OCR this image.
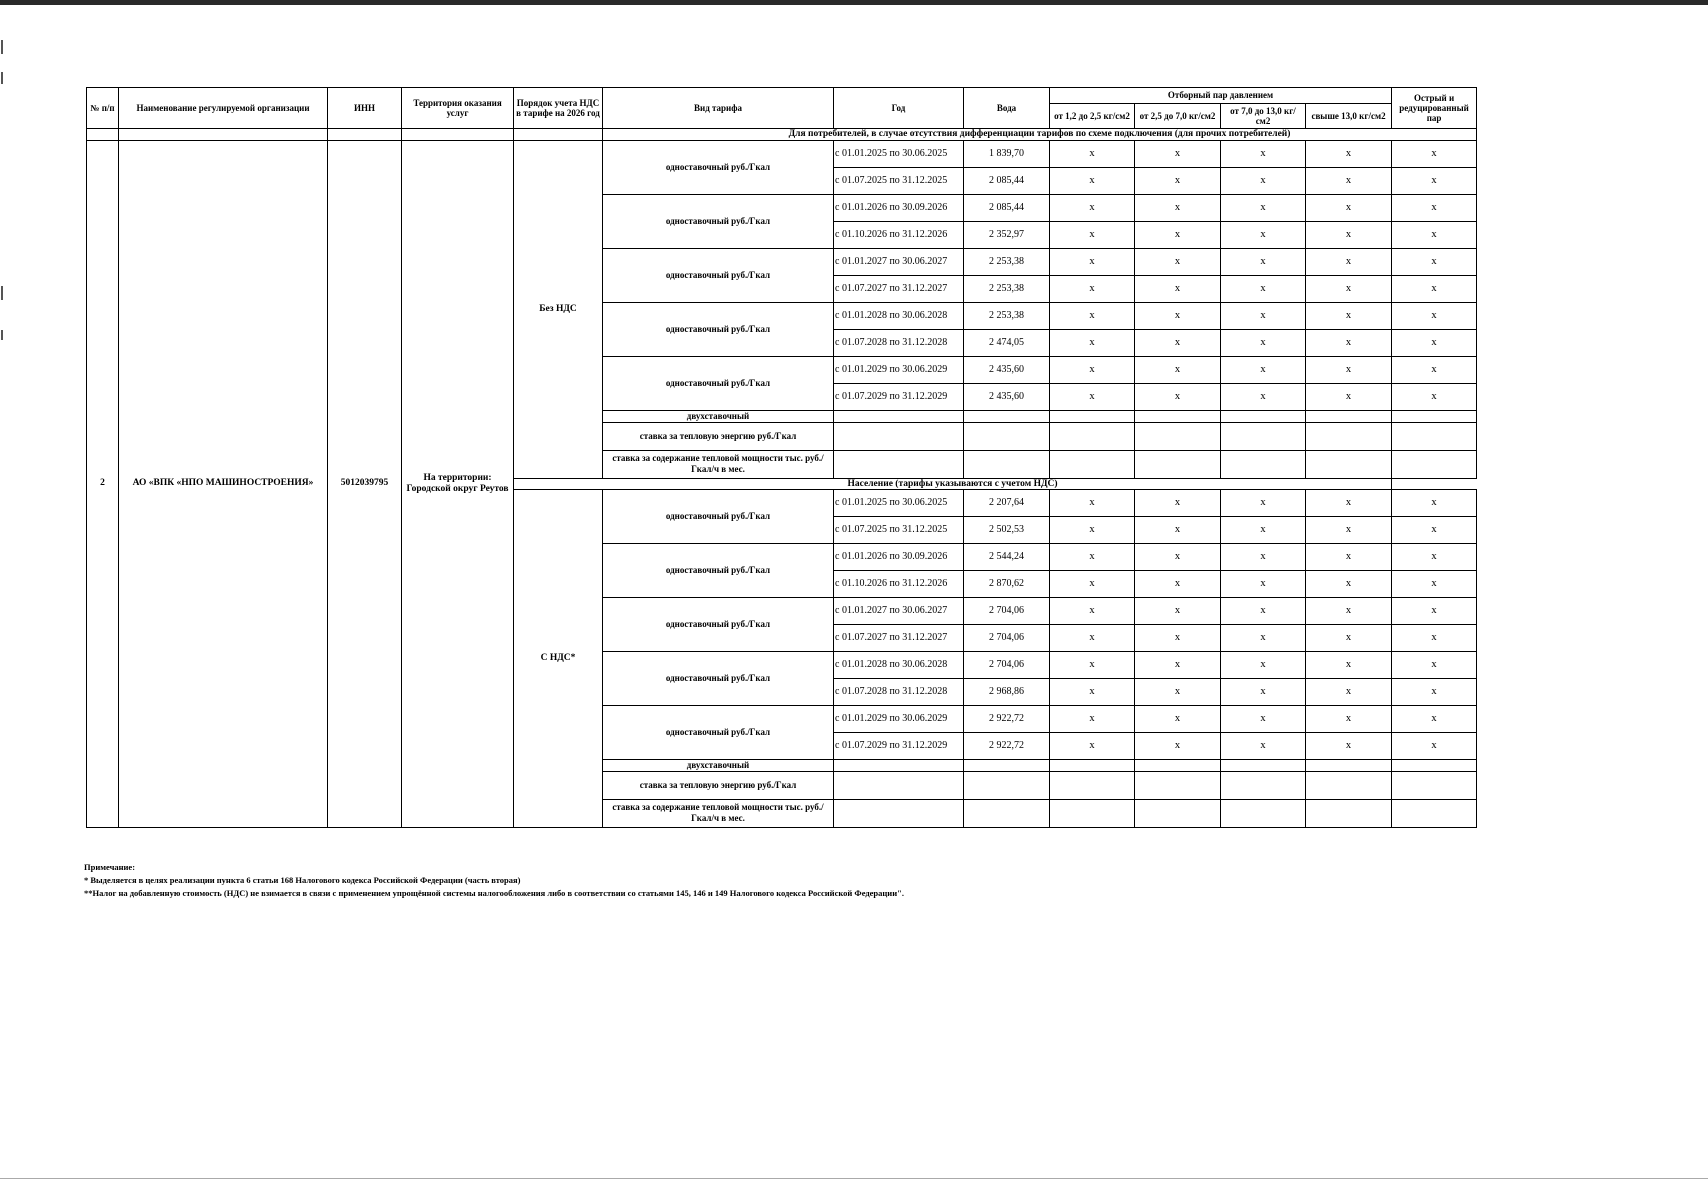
№ п/п	Наименование регулируемой организации	ИНН	Территория оказания услуг	Порядок учета НДС в тарифе на 2026 год	Вид тарифа	Год	Вода	Отборный пар давлением				Острый и редуцированный пар
								от 1,2 до 2,5 кг/см2	от 2,5 до 7,0 кг/см2	от 7,0 до 13,0 кг/см2	свыше 13,0 кг/см2	
					Для потребителей, в случае отсутствия дифференциации тарифов по схеме подключения (для прочих потребителей)							
2	АО «ВПК «НПО МАШИНОСТРОЕНИЯ»	5012039795	На территории: Городской округ Реутов	Без НДС	одноставочный руб./Гкал	с 01.01.2025 по 30.06.2025	1 839,70	x	x	x	x	x
						с 01.07.2025 по 31.12.2025	2 085,44	x	x	x	x	x
					одноставочный руб./Гкал	с 01.01.2026 по 30.09.2026	2 085,44	x	x	x	x	x
						с 01.10.2026 по 31.12.2026	2 352,97	x	x	x	x	x
					одноставочный руб./Гкал	с 01.01.2027 по 30.06.2027	2 253,38	x	x	x	x	x
						с 01.07.2027 по 31.12.2027	2 253,38	x	x	x	x	x
					одноставочный руб./Гкал	с 01.01.2028 по 30.06.2028	2 253,38	x	x	x	x	x
						с 01.07.2028 по 31.12.2028	2 474,05	x	x	x	x	x
					одноставочный руб./Гкал	с 01.01.2029 по 30.06.2029	2 435,60	x	x	x	x	x
						с 01.07.2029 по 31.12.2029	2 435,60	x	x	x	x	x
					двухставочный							
					ставка за тепловую энергию руб./Гкал							
					ставка за содержание тепловой мощности тыс. руб./Гкал/ч в мес.							
				Население (тарифы указываются с учетом НДС)								
				С НДС*	одноставочный руб./Гкал	с 01.01.2025 по 30.06.2025	2 207,64	x	x	x	x	x
						с 01.07.2025 по 31.12.2025	2 502,53	x	x	x	x	x
					одноставочный руб./Гкал	с 01.01.2026 по 30.09.2026	2 544,24	x	x	x	x	x
						с 01.10.2026 по 31.12.2026	2 870,62	x	x	x	x	x
					одноставочный руб./Гкал	с 01.01.2027 по 30.06.2027	2 704,06	x	x	x	x	x
						с 01.07.2027 по 31.12.2027	2 704,06	x	x	x	x	x
					одноставочный руб./Гкал	с 01.01.2028 по 30.06.2028	2 704,06	x	x	x	x	x
						с 01.07.2028 по 31.12.2028	2 968,86	x	x	x	x	x
					одноставочный руб./Гкал	с 01.01.2029 по 30.06.2029	2 922,72	x	x	x	x	x
						с 01.07.2029 по 31.12.2029	2 922,72	x	x	x	x	x
					двухставочный							
					ставка за тепловую энергию руб./Гкал							
					ставка за содержание тепловой мощности тыс. руб./Гкал/ч в мес.							
Примечание:
* Выделяется в целях реализации пункта 6 статьи 168 Налогового кодекса Российской Федерации (часть вторая)
**Налог на добавленную стоимость (НДС) не взимается в связи с применением упрощённой системы налогообложения либо в соответствии со статьями 145, 146 и 149 Налогового кодекса Российской Федерации".
